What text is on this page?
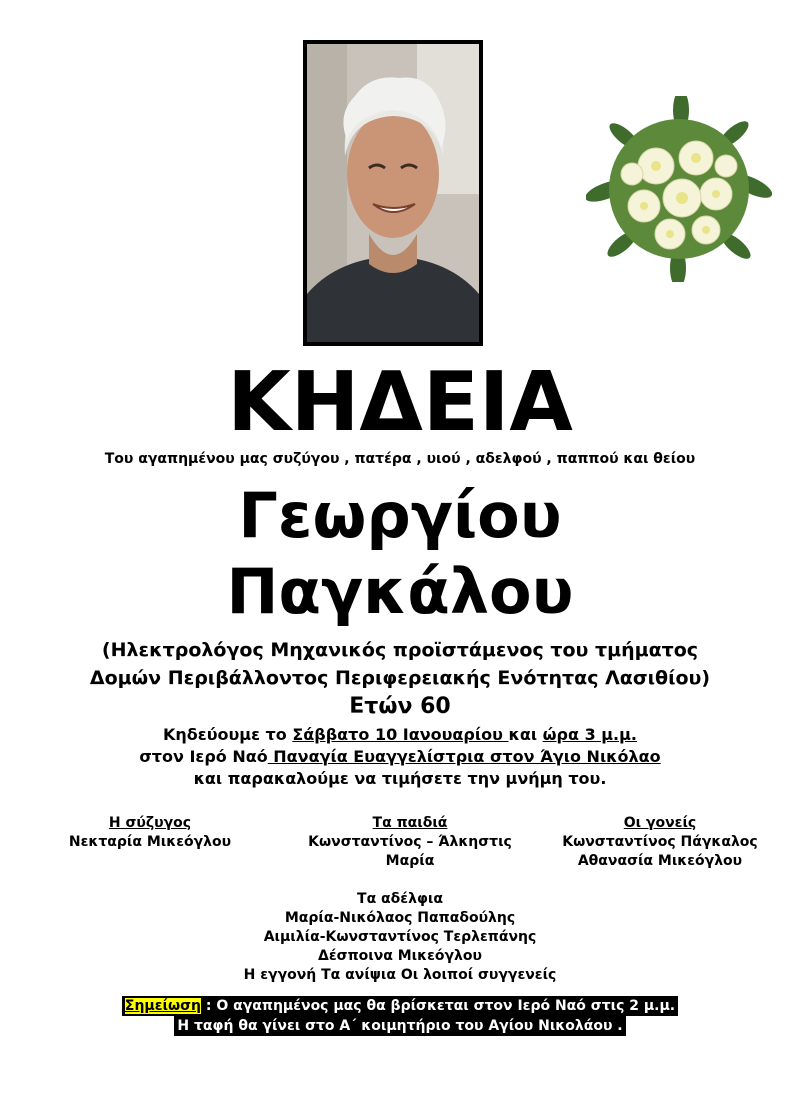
ΚΗΔΕΙΑ
Του αγαπημένου μας συζύγου , πατέρα , υιού , αδελφού , παππού και θείου
Γεωργίου
Παγκάλου
(Ηλεκτρολόγος Μηχανικός προϊστάμενος του τμήματος
Δομών Περιβάλλοντος Περιφερειακής Ενότητας Λασιθίου)
Ετών 60
Κηδεύουμε το Σάββατο 10 Ιανουαρίου και ώρα 3 μ.μ.
στον Ιερό Ναό Παναγία Ευαγγελίστρια στον Άγιο Νικόλαο
και παρακαλούμε να τιμήσετε την μνήμη του.
Η σύζυγος
Νεκταρία Μικεόγλου
Τα παιδιά
Κωνσταντίνος – Άλκηστις
Μαρία
Οι γονείς
Κωνσταντίνος Πάγκαλος
Αθανασία Μικεόγλου
Τα αδέλφια
Μαρία-Νικόλαος Παπαδούλης
Αιμιλία-Κωνσταντίνος Τερλεπάνης
Δέσποινα Μικεόγλου
Η εγγονή Τα ανίψια Οι λοιποί συγγενείς
Σημείωση : Ο αγαπημένος μας θα βρίσκεται στον Ιερό Ναό στις 2 μ.μ.
Η ταφή θα γίνει στο Α΄ κοιμητήριο του Αγίου Νικολάου .
